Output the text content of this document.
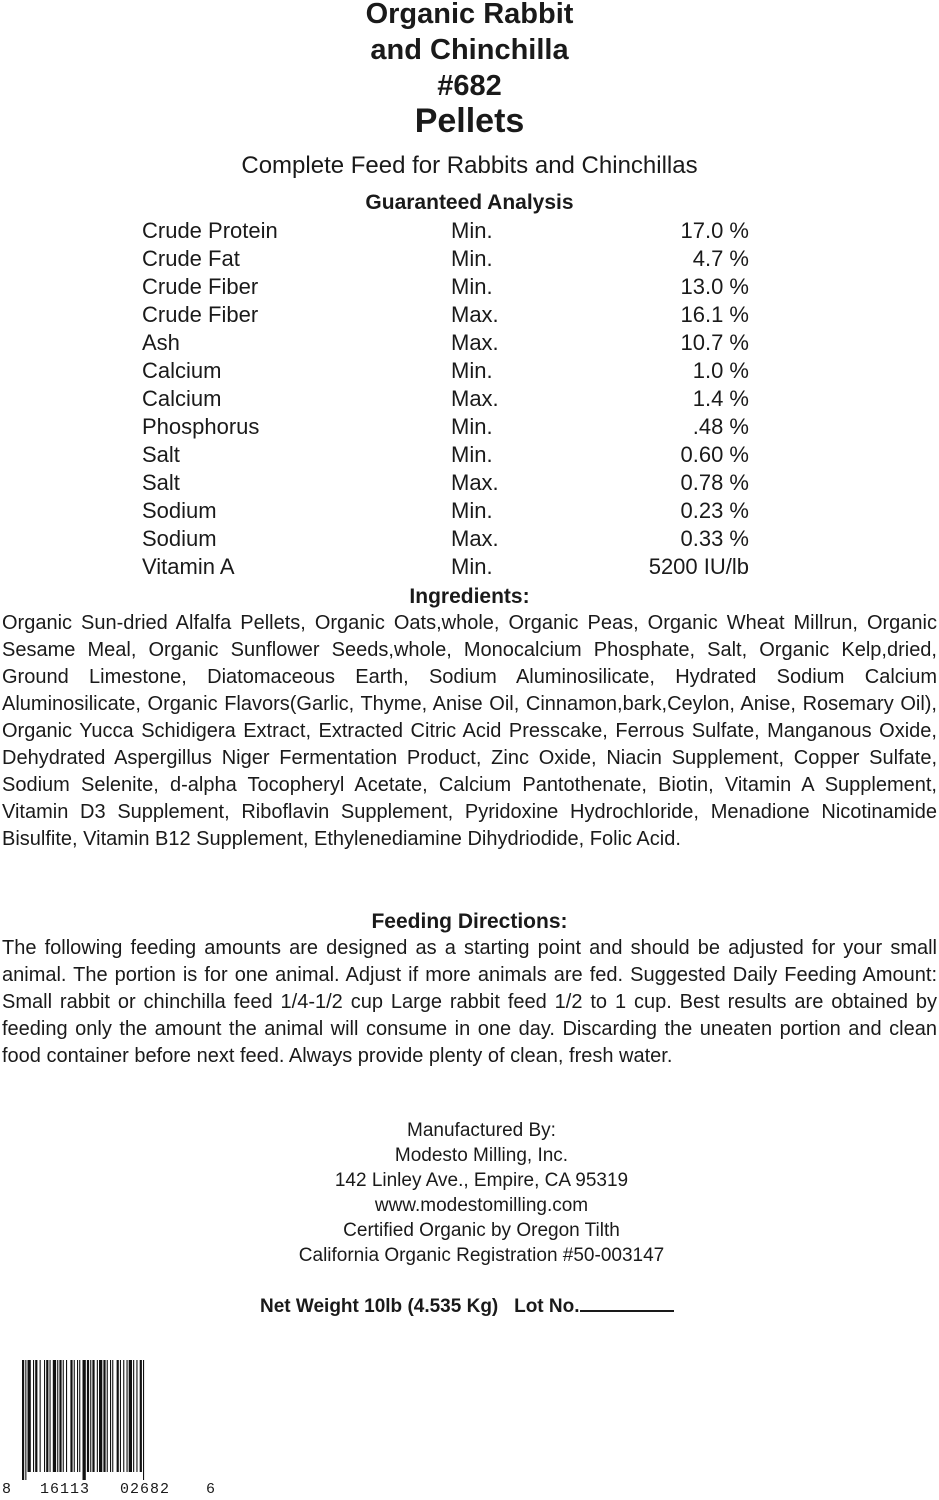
Organic Rabbit
and Chinchilla
#682
Pellets
Complete Feed for Rabbits and Chinchillas
Guaranteed Analysis
Crude Protein	Min.	17.0 %
Crude Fat	Min.	4.7 %
Crude Fiber	Min.	13.0 %
Crude Fiber	Max.	16.1 %
Ash	Max.	10.7 %
Calcium	Min.	1.0 %
Calcium	Max.	1.4 %
Phosphorus	Min.	.48 %
Salt	Min.	0.60 %
Salt	Max.	0.78 %
Sodium	Min.	0.23 %
Sodium	Max.	0.33 %
Vitamin A	Min.	5200 IU/lb
Ingredients:
Organic Sun-dried Alfalfa Pellets, Organic Oats,whole, Organic Peas, Organic Wheat Millrun, Organic Sesame Meal, Organic Sunflower Seeds,whole, Monocalcium Phosphate, Salt, Organic Kelp,dried, Ground Limestone, Diatomaceous Earth, Sodium Aluminosilicate, Hydrated Sodium Calcium Aluminosilicate, Organic Flavors(Garlic, Thyme, Anise Oil, Cinnamon,bark,Ceylon, Anise, Rosemary Oil), Organic Yucca Schidigera Extract, Extracted Citric Acid Presscake, Ferrous Sulfate, Manganous Oxide, Dehydrated Aspergillus Niger Fermentation Product, Zinc Oxide, Niacin Supplement, Copper Sulfate, Sodium Selenite, d-alpha Tocopheryl Acetate, Calcium Pantothenate, Biotin, Vitamin A Supplement, Vitamin D3 Supplement, Riboflavin Supplement, Pyridoxine Hydrochloride, Menadione Nicotinamide Bisulfite, Vitamin B12 Supplement, Ethylenediamine Dihydriodide, Folic Acid.
Feeding Directions:
The following feeding amounts are designed as a starting point and should be adjusted for your small animal. The portion is for one animal. Adjust if more animals are fed. Suggested Daily Feeding Amount: Small rabbit or chinchilla feed 1/4-1/2 cup Large rabbit feed 1/2 to 1 cup. Best results are obtained by feeding only the amount the animal will consume in one day. Discarding the uneaten portion and clean food container before next feed. Always provide plenty of clean, fresh water.
Manufactured By:
Modesto Milling, Inc.
142 Linley Ave., Empire, CA 95319
www.modestomilling.com
Certified Organic by Oregon Tilth
California Organic Registration #50-003147
Net Weight 10lb (4.535 Kg)   Lot No.
8 16113 02682 6
